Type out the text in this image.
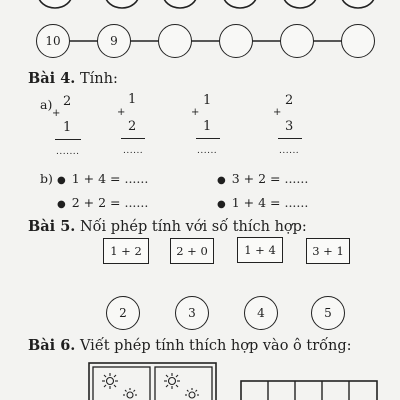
10	9
Bài 4. Tính:
a) 2
+
1
.......
1
+
2
......
1
+
1
......
2
+
3
......
b) ● 1 + 4 = ......	● 3 + 2 = ......
● 2 + 2 = ......	● 1 + 4 = ......
Bài 5. Nối phép tính với số thích hợp:
1 + 2	2 + 0	1 + 4	3 + 1
2	3	4	5
Bài 6. Viết phép tính thích hợp vào ô trống:
